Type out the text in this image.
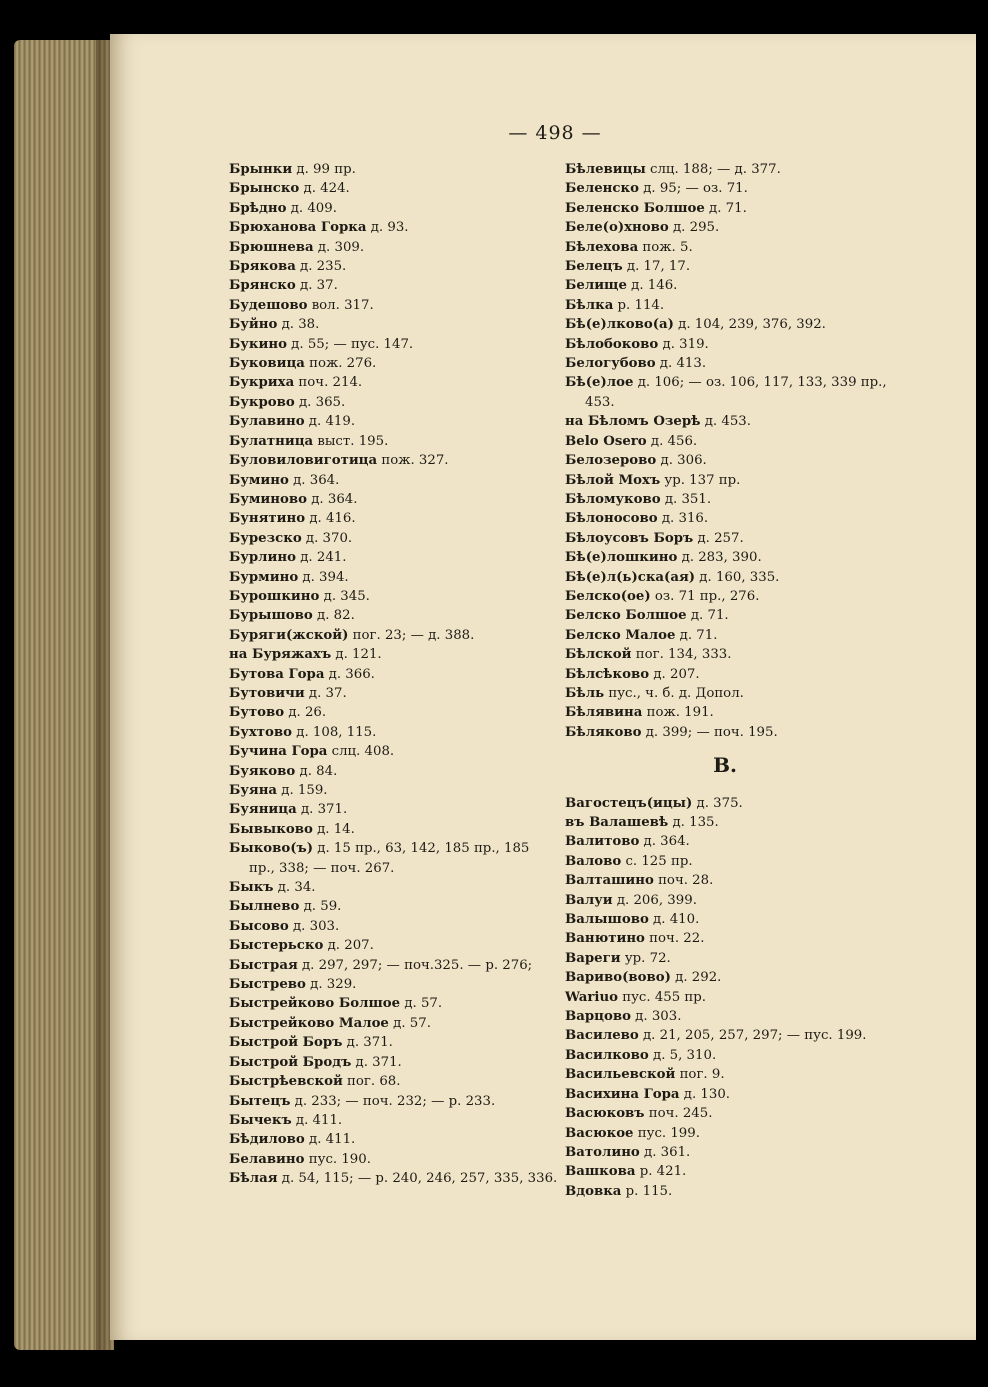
— 498 —
Брынки д. 99 пр.
Брынско д. 424.
Брѣдно д. 409.
Брюханова Горка д. 93.
Брюшнева д. 309.
Брякова д. 235.
Брянско д. 37.
Будешово вол. 317.
Буйно д. 38.
Букино д. 55; — пус. 147.
Буковица пож. 276.
Букриха поч. 214.
Букрово д. 365.
Булавино д. 419.
Булатница выст. 195.
Буловиловиготица пож. 327.
Бумино д. 364.
Буминово д. 364.
Бунятино д. 416.
Бурезско д. 370.
Бурлино д. 241.
Бурмино д. 394.
Бурошкино д. 345.
Бурышово д. 82.
Буряги(жской) пог. 23; — д. 388.
на Буряжахъ д. 121.
Бутова Гора д. 366.
Бутовичи д. 37.
Бутово д. 26.
Бухтово д. 108, 115.
Бучина Гора слц. 408.
Буяково д. 84.
Буяна д. 159.
Буяница д. 371.
Бывыково д. 14.
Быково(ъ) д. 15 пр., 63, 142, 185 пр., 185 пр., 338; — поч. 267.
Быкъ д. 34.
Былнево д. 59.
Бысово д. 303.
Быстерьско д. 207.
Быстрая д. 297, 297; — поч.325. — р. 276;
Быстрево д. 329.
Быстрейково Болшое д. 57.
Быстрейково Малое д. 57.
Быстрой Боръ д. 371.
Быстрой Бродъ д. 371.
Быстрѣевской пог. 68.
Бытецъ д. 233; — поч. 232; — р. 233.
Бычекъ д. 411.
Бѣдилово д. 411.
Белавино пус. 190.
Бѣлая д. 54, 115; — р. 240, 246, 257, 335, 336.
Бѣлевицы слц. 188; — д. 377.
Беленско д. 95; — оз. 71.
Беленско Болшое д. 71.
Беле(о)хново д. 295.
Бѣлехова пож. 5.
Белецъ д. 17, 17.
Белище д. 146.
Бѣлка р. 114.
Бѣ(е)лково(а) д. 104, 239, 376, 392.
Бѣлобоково д. 319.
Белогубово д. 413.
Бѣ(е)лое д. 106; — оз. 106, 117, 133, 339 пр., 453.
на Бѣломъ Озерѣ д. 453.
Belo Osero д. 456.
Белозерово д. 306.
Бѣлой Мохъ ур. 137 пр.
Бѣломуково д. 351.
Бѣлоносово д. 316.
Бѣлоусовъ Боръ д. 257.
Бѣ(е)лошкино д. 283, 390.
Бѣ(е)л(ь)ска(ая) д. 160, 335.
Белско(ое) оз. 71 пр., 276.
Белско Болшое д. 71.
Белско Малое д. 71.
Бѣлской пог. 134, 333.
Бѣлсѣково д. 207.
Бѣль пус., ч. б. д. Допол.
Бѣлявина пож. 191.
Бѣляково д. 399; — поч. 195.
В.
Вагостецъ(ицы) д. 375.
въ Валашевѣ д. 135.
Валитово д. 364.
Валово с. 125 пр.
Валташино поч. 28.
Валуи д. 206, 399.
Валышово д. 410.
Ванютино поч. 22.
Вареги ур. 72.
Вариво(вово) д. 292.
Wariuo пус. 455 пр.
Варцово д. 303.
Василево д. 21, 205, 257, 297; — пус. 199.
Василково д. 5, 310.
Васильевской пог. 9.
Васихина Гора д. 130.
Васюковъ поч. 245.
Васюкое пус. 199.
Ватолино д. 361.
Вашкова р. 421.
Вдовка р. 115.
